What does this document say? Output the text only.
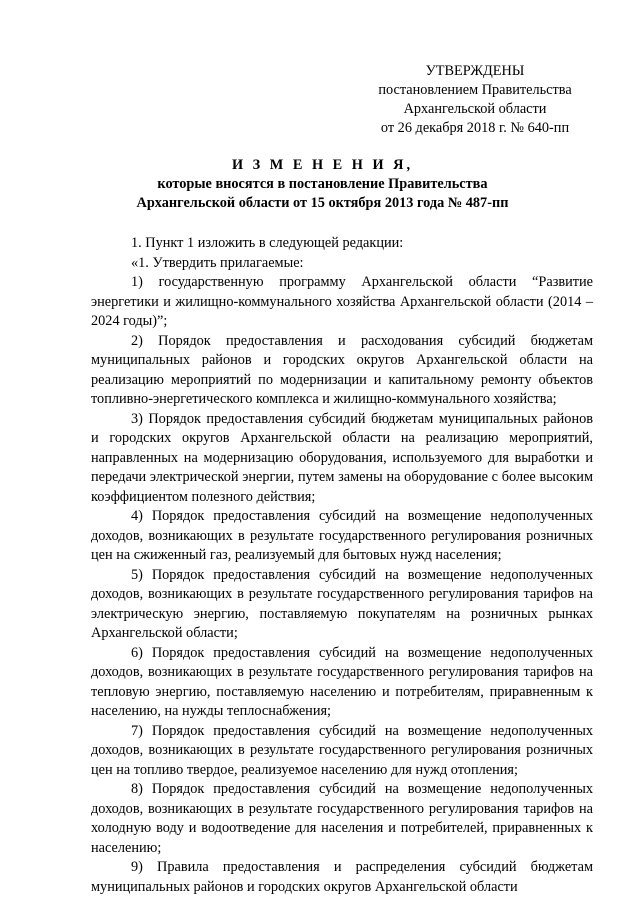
УТВЕРЖДЕНЫ
постановлением Правительства
Архангельской области
от 26 декабря 2018 г. № 640-пп
И З М Е Н Е Н И Я,
которые вносятся в постановление Правительства
Архангельской области от 15 октября 2013 года № 487-пп

1. Пункт 1 изложить в следующей редакции:

«1. Утвердить прилагаемые:

1) государственную программу Архангельской области “Развитие энергетики и жилищно-коммунального хозяйства Архангельской области (2014 – 2024 годы)”;

2) Порядок предоставления и расходования субсидий бюджетам муниципальных районов и городских округов Архангельской области на реализацию мероприятий по модернизации и капитальному ремонту объектов топливно-энергетического комплекса и жилищно-коммунального хозяйства;

3) Порядок предоставления субсидий бюджетам муниципальных районов и городских округов Архангельской области на реализацию мероприятий, направленных на модернизацию оборудования, используемого для выработки и передачи электрической энергии, путем замены на оборудование с более высоким коэффициентом полезного действия;

4) Порядок предоставления субсидий на возмещение недополученных доходов, возникающих в результате государственного регулирования розничных цен на сжиженный газ, реализуемый для бытовых нужд населения;

5) Порядок предоставления субсидий на возмещение недополученных доходов, возникающих в результате государственного регулирования тарифов на электрическую энергию, поставляемую покупателям на розничных рынках Архангельской области;

6) Порядок предоставления субсидий на возмещение недополученных доходов, возникающих в результате государственного регулирования тарифов на тепловую энергию, поставляемую населению и потребителям, приравненным к населению, на нужды теплоснабжения;

7) Порядок предоставления субсидий на возмещение недополученных доходов, возникающих в результате государственного регулирования розничных цен на топливо твердое, реализуемое населению для нужд отопления;

8) Порядок предоставления субсидий на возмещение недополученных доходов, возникающих в результате государственного регулирования тарифов на холодную воду и водоотведение для населения и потребителей, приравненных к населению;

9) Правила предоставления и распределения субсидий бюджетам муниципальных районов и городских округов Архангельской области
